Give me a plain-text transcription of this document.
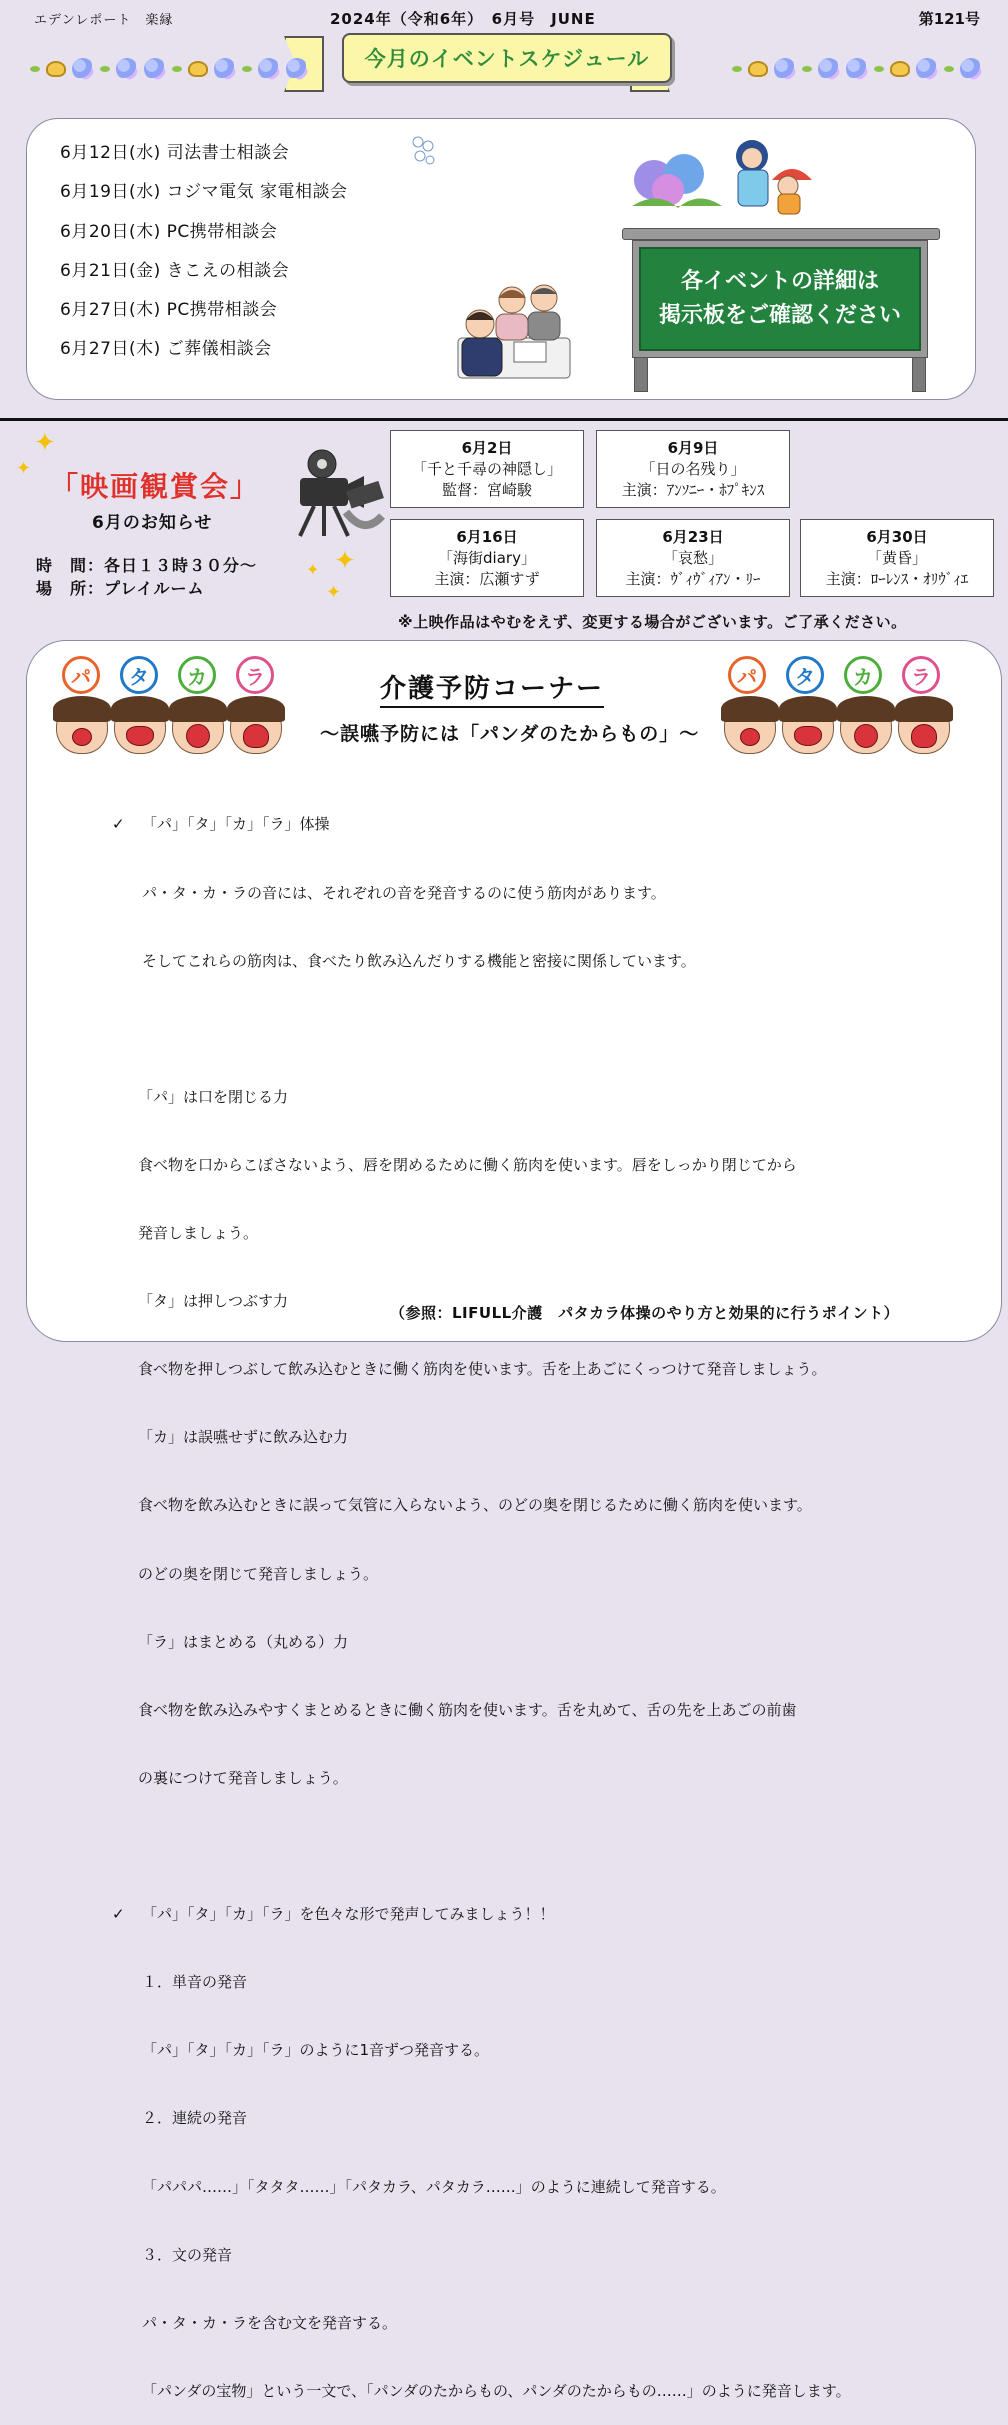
エデンレポート　楽縁	2024年（令和6年）　6月号　JUNE	第121号
今月のイベントスケジュール
6月12日(水) 司法書士相談会
6月19日(水) コジマ電気 家電相談会
6月20日(木) PC携帯相談会
6月21日(金) きこえの相談会
6月27日(木) PC携帯相談会
6月27日(木) ご葬儀相談会
各イベントの詳細は
掲示板をご確認ください
✦
✦
✦
✦
✦
「映画観賞会」
6月のお知らせ
時　間：各日１３時３０分～
場　所：プレイルーム
6月2日
「千と千尋の神隠し」
監督：宮崎駿
6月9日
「日の名残り」
主演：ｱﾝｿﾆｰ・ﾎﾌﾟｷﾝｽ
6月16日
「海街diary」
主演：広瀬すず
6月23日
「哀愁」
主演：ｳﾞｨｳﾞｨｱﾝ・ﾘｰ
6月30日
「黄昏」
主演：ﾛｰﾚﾝｽ・ｵﾘｳﾞｨｴ
※上映作品はやむをえず、変更する場合がございます。ご了承ください。
介護予防コーナー
～誤嚥予防には「パンダのたからもの」～
パ	タ	カ	ラ	パ	タ	カ	ラ

✓ 「パ」「タ」「カ」「ラ」体操

パ・タ・カ・ラの音には、それぞれの音を発音するのに使う筋肉があります。

そしてこれらの筋肉は、食べたり飲み込んだりする機能と密接に関係しています。

「パ」は口を閉じる力

食べ物を口からこぼさないよう、唇を閉めるために働く筋肉を使います。唇をしっかり閉じてから

発音しましょう。

「タ」は押しつぶす力

食べ物を押しつぶして飲み込むときに働く筋肉を使います。舌を上あごにくっつけて発音しましょう。

「カ」は誤嚥せずに飲み込む力

食べ物を飲み込むときに誤って気管に入らないよう、のどの奥を閉じるために働く筋肉を使います。

のどの奥を閉じて発音しましょう。

「ラ」はまとめる（丸める）力

食べ物を飲み込みやすくまとめるときに働く筋肉を使います。舌を丸めて、舌の先を上あごの前歯

の裏につけて発音しましょう。

✓ 「パ」「タ」「カ」「ラ」を色々な形で発声してみましょう！！

１．単音の発音

「パ」「タ」「カ」「ラ」のように1音ずつ発音する。

２．連続の発音

「パパパ……」「タタタ……」「パタカラ、パタカラ……」のように連続して発音する。

３．文の発音

パ・タ・カ・ラを含む文を発音する。

「パンダの宝物」という一文で、「パンダのたからもの、パンダのたからもの……」のように発音します。

（参照：LIFULL介護　パタカラ体操のやり方と効果的に行うポイント）
